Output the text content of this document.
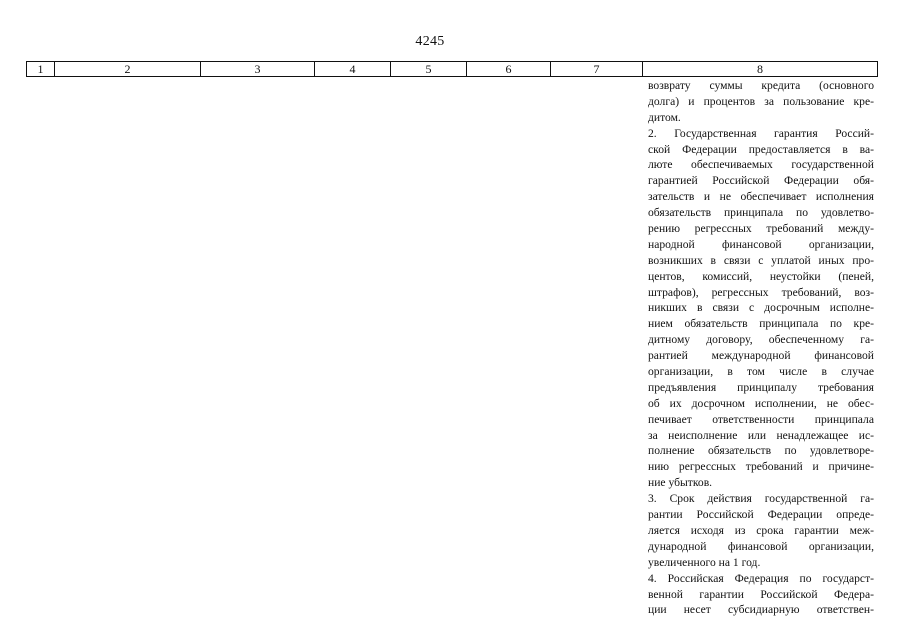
4245
1	2	3	4	5	6	7	8
возврату суммы кредита (основного
долга) и процентов за пользование кре-
дитом.
2. Государственная гарантия Россий-
ской Федерации предоставляется в ва-
люте обеспечиваемых государственной
гарантией Российской Федерации обя-
зательств и не обеспечивает исполнения
обязательств принципала по удовлетво-
рению регрессных требований между-
народной финансовой организации,
возникших в связи с уплатой иных про-
центов, комиссий, неустойки (пеней,
штрафов), регрессных требований, воз-
никших в связи с досрочным исполне-
нием обязательств принципала по кре-
дитному договору, обеспеченному га-
рантией международной финансовой
организации, в том числе в случае
предъявления принципалу требования
об их досрочном исполнении, не обес-
печивает ответственности принципала
за неисполнение или ненадлежащее ис-
полнение обязательств по удовлетворе-
нию регрессных требований и причине-
ние убытков.
3. Срок действия государственной га-
рантии Российской Федерации опреде-
ляется исходя из срока гарантии меж-
дународной финансовой организации,
увеличенного на 1 год.
4. Российская Федерация по государст-
венной гарантии Российской Федера-
ции несет субсидиарную ответствен-
